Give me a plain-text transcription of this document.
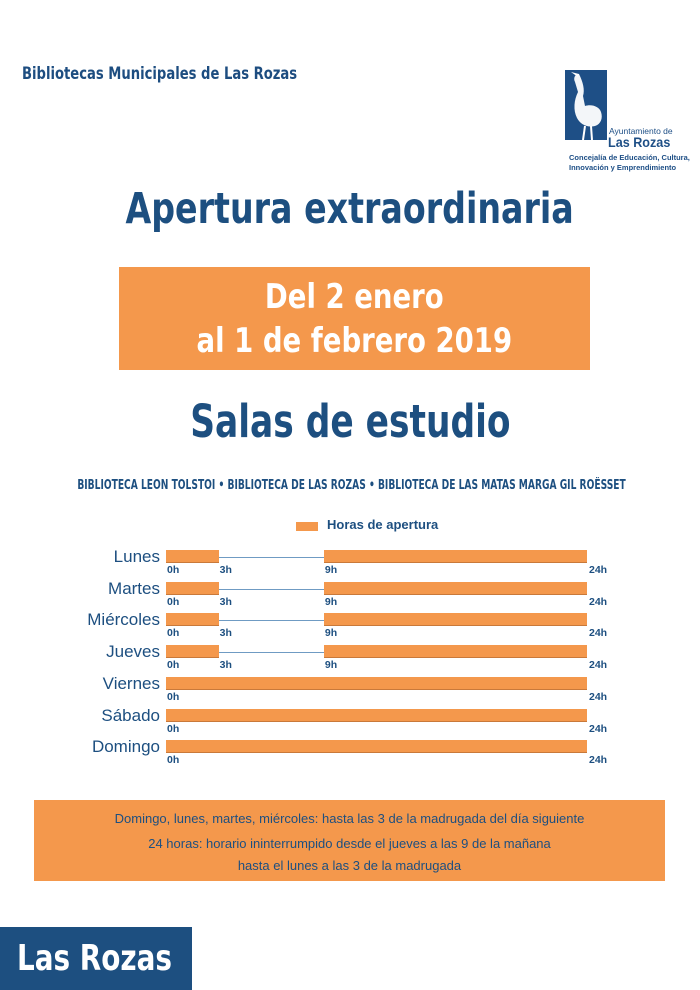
Bibliotecas Municipales de Las Rozas
Ayuntamiento de
Las Rozas
Concejalía de Educación, Cultura,
Innovación y Emprendimiento
Apertura extraordinaria
Del 2 enero
al 1 de febrero 2019
Salas de estudio
BIBLIOTECA LEON TOLSTOI • BIBLIOTECA DE LAS ROZAS • BIBLIOTECA DE LAS MATAS MARGA GIL ROËSSET
Horas de apertura
Lunes
0h	3h	9h	24h
Martes
0h	3h	9h	24h
Miércoles
0h	3h	9h	24h
Jueves
0h	3h	9h	24h
Viernes
0h	24h
Sábado
0h	24h
Domingo
0h	24h
Domingo, lunes, martes, miércoles: hasta las 3 de la madrugada del día siguiente
24 horas: horario ininterrumpido desde el jueves a las 9 de la mañana
hasta el lunes a las 3 de la madrugada
Las Rozas
